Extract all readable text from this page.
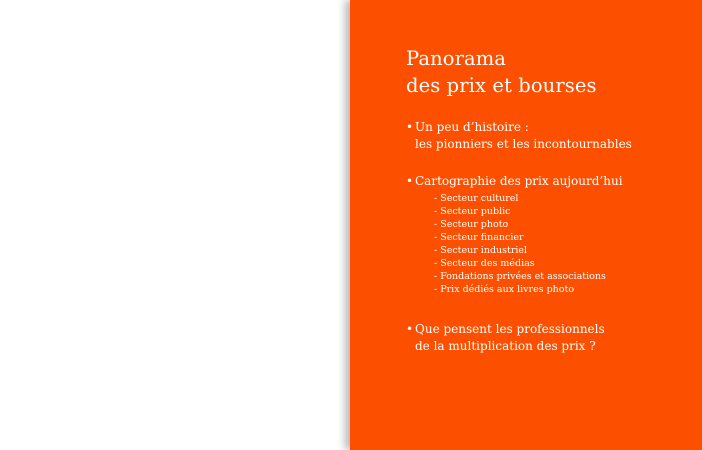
Panorama
des prix et bourses
• Un peu d’histoire :
les pionniers et les incontournables
• Cartographie des prix aujourd’hui
- Secteur culturel
- Secteur public
- Secteur photo
- Secteur financier
- Secteur industriel
- Secteur des médias
- Fondations privées et associations
- Prix dédiés aux livres photo
• Que pensent les professionnels
de la multiplication des prix ?
